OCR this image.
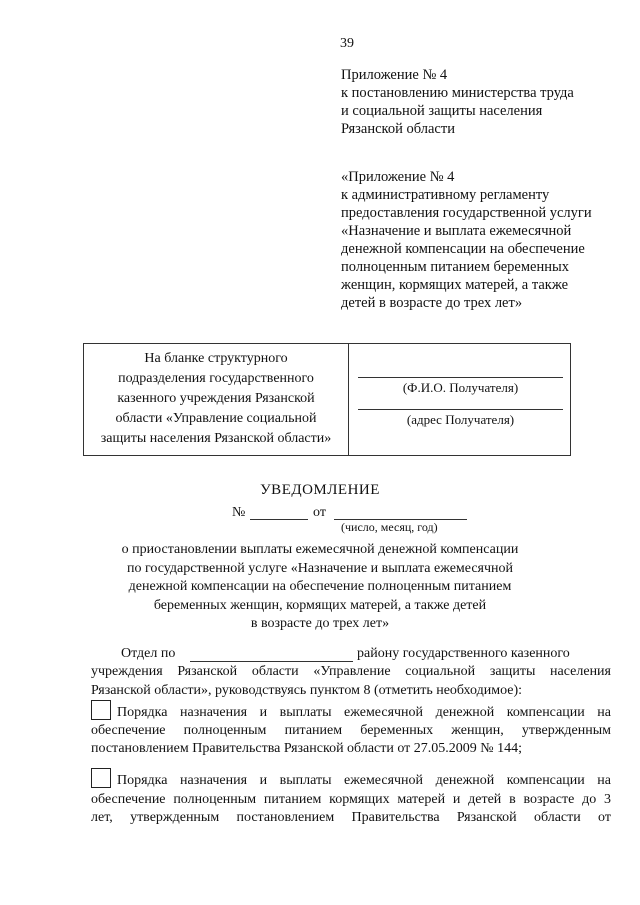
39
Приложение № 4
к постановлению министерства труда
и социальной защиты населения
Рязанской области
«Приложение № 4
к административному регламенту
предоставления государственной услуги
«Назначение и выплата ежемесячной
денежной компенсации на обеспечение
полноценным питанием беременных
женщин, кормящих матерей, а также
детей в возрасте до трех лет»
На бланке структурного
подразделения государственного
казенного учреждения Рязанской
области «Управление социальной
защиты населения Рязанской области»
(Ф.И.О. Получателя)
(адрес Получателя)
УВЕДОМЛЕНИЕ
№	от
(число, месяц, год)
о приостановлении выплаты ежемесячной денежной компенсации
по государственной услуге «Назначение и выплата ежемесячной
денежной компенсации на обеспечение полноценным питанием
беременных женщин, кормящих матерей, а также детей
в возрасте до трех лет»
Отдел по	району государственного казенного
учреждения Рязанской области «Управление социальной защиты населения
Рязанской области», руководствуясь пунктом 8 (отметить необходимое):
Порядка назначения и выплаты ежемесячной денежной компенсации на
обеспечение полноценным питанием беременных женщин, утвержденным
постановлением Правительства Рязанской области от 27.05.2009 № 144;
Порядка назначения и выплаты ежемесячной денежной компенсации на
обеспечение полноценным питанием кормящих матерей и детей в возрасте до 3
лет, утвержденным постановлением Правительства Рязанской области от
